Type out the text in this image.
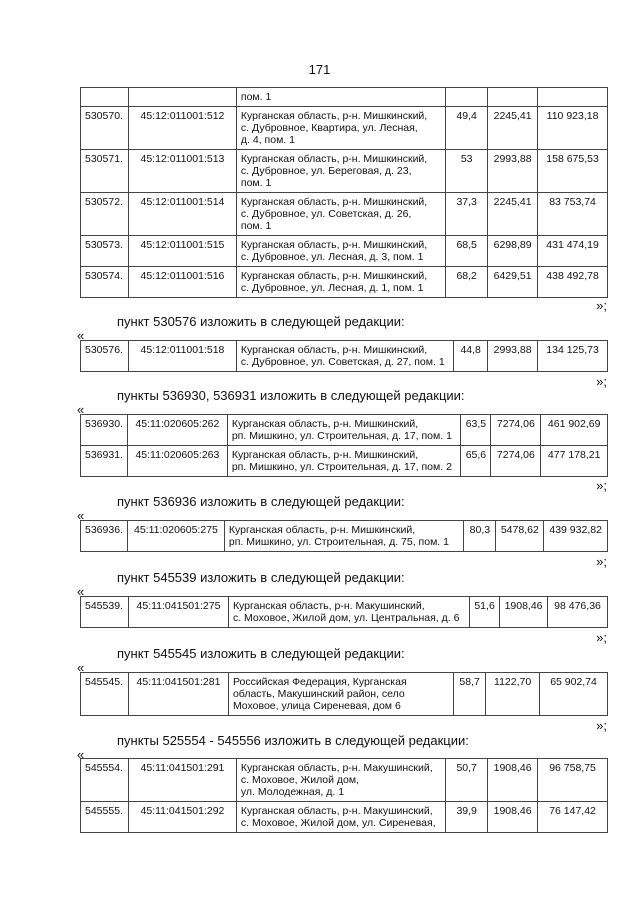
171
		пом. 1			
530570.	45:12:011001:512	Курганская область, р-н. Мишкинский,
с. Дубровное, Квартира, ул. Лесная,
д. 4, пом. 1	49,4	2245,41	110 923,18
530571.	45:12:011001:513	Курганская область, р-н. Мишкинский,
с. Дубровное, ул. Береговая, д. 23,
пом. 1	53	2993,88	158 675,53
530572.	45:12:011001:514	Курганская область, р-н. Мишкинский,
с. Дубровное, ул. Советская, д. 26,
пом. 1	37,3	2245,41	83 753,74
530573.	45:12:011001:515	Курганская область, р-н. Мишкинский,
с. Дубровное, ул. Лесная, д. 3, пом. 1	68,5	6298,89	431 474,19
530574.	45:12:011001:516	Курганская область, р-н. Мишкинский,
с. Дубровное, ул. Лесная, д. 1, пом. 1	68,2	6429,51	438 492,78
»;
пункт 530576 изложить в следующей редакции:
«
530576.	45:12:011001:518	Курганская область, р-н. Мишкинский,
с. Дубровное, ул. Советская, д. 27, пом. 1	44,8	2993,88	134 125,73
»;
пункты 536930, 536931 изложить в следующей редакции:
«
536930.	45:11:020605:262	Курганская область, р-н. Мишкинский,
рп. Мишкино, ул. Строительная, д. 17, пом. 1	63,5	7274,06	461 902,69
536931.	45:11:020605:263	Курганская область, р-н. Мишкинский,
рп. Мишкино, ул. Строительная, д. 17, пом. 2	65,6	7274,06	477 178,21
»;
пункт 536936 изложить в следующей редакции:
«
536936.	45:11:020605:275	Курганская область, р-н. Мишкинский,
рп. Мишкино, ул. Строительная, д. 75, пом. 1	80,3	5478,62	439 932,82
»;
пункт 545539 изложить в следующей редакции:
«
545539.	45:11:041501:275	Курганская область, р-н. Макушинский,
с. Моховое, Жилой дом, ул. Центральная, д. 6	51,6	1908,46	98 476,36
»;
пункт 545545 изложить в следующей редакции:
«
545545.	45:11:041501:281	Российская Федерация, Курганская
область, Макушинский район, село
Моховое, улица Сиреневая, дом 6	58,7	1122,70	65 902,74
»;
пункты 525554 - 545556 изложить в следующей редакции:
«
545554.	45:11:041501:291	Курганская область, р-н. Макушинский,
с. Моховое, Жилой дом,
ул. Молодежная, д. 1	50,7	1908,46	96 758,75
545555.	45:11:041501:292	Курганская область, р-н. Макушинский,
с. Моховое, Жилой дом, ул. Сиреневая,	39,9	1908,46	76 147,42
